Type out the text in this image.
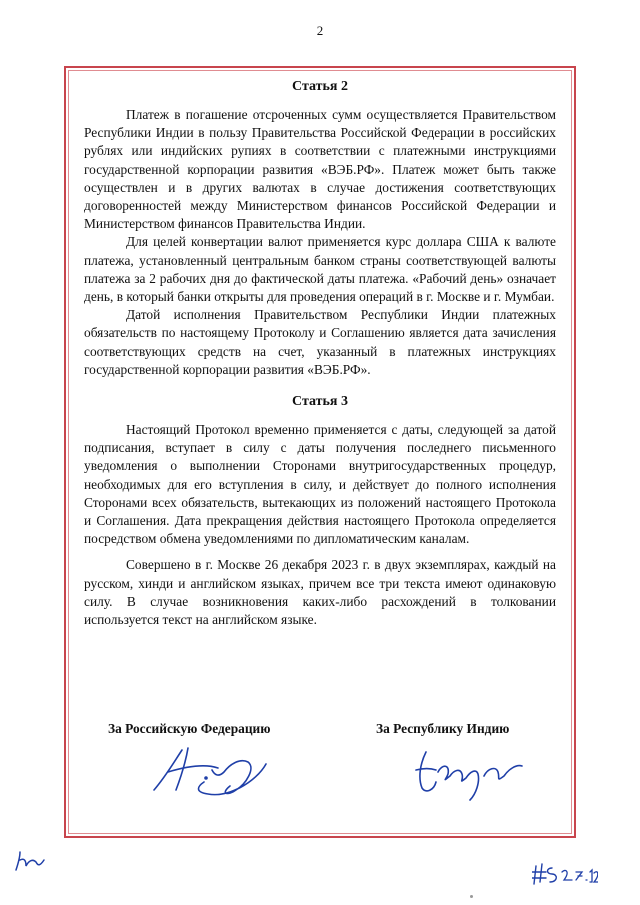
2
Статья 2

Платеж в погашение отсроченных сумм осуществляется Правительством Республики Индии в пользу Правительства Российской Федерации в российских рублях или индийских рупиях в соответствии с платежными инструкциями государственной корпорации развития «ВЭБ.РФ». Платеж может быть также осуществлен и в других валютах в случае достижения соответствующих договоренностей между Министерством финансов Российской Федерации и Министерством финансов Правительства Индии.

Для целей конвертации валют применяется курс доллара США к валюте платежа, установленный центральным банком страны соответствующей валюты платежа за 2 рабочих дня до фактической даты платежа. «Рабочий день» означает день, в который банки открыты для проведения операций в г. Москве и г. Мумбаи.

Датой исполнения Правительством Республики Индии платежных обязательств по настоящему Протоколу и Соглашению является дата зачисления соответствующих средств на счет, указанный в платежных инструкциях государственной корпорации развития «ВЭБ.РФ».

Статья 3

Настоящий Протокол временно применяется с даты, следующей за датой подписания, вступает в силу с даты получения последнего письменного уведомления о выполнении Сторонами внутригосударственных процедур, необходимых для его вступления в силу, и действует до полного исполнения Сторонами всех обязательств, вытекающих из положений настоящего Протокола и Соглашения. Дата прекращения действия настоящего Протокола определяется посредством обмена уведомлениями по дипломатическим каналам.

Совершено в г. Москве 26 декабря 2023 г. в двух экземплярах, каждый на русском, хинди и английском языках, причем все три текста имеют одинаковую силу. В случае возникновения каких-либо расхождений в толковании используется текст на английском языке.

За Российскую Федерацию	За Республику Индию
